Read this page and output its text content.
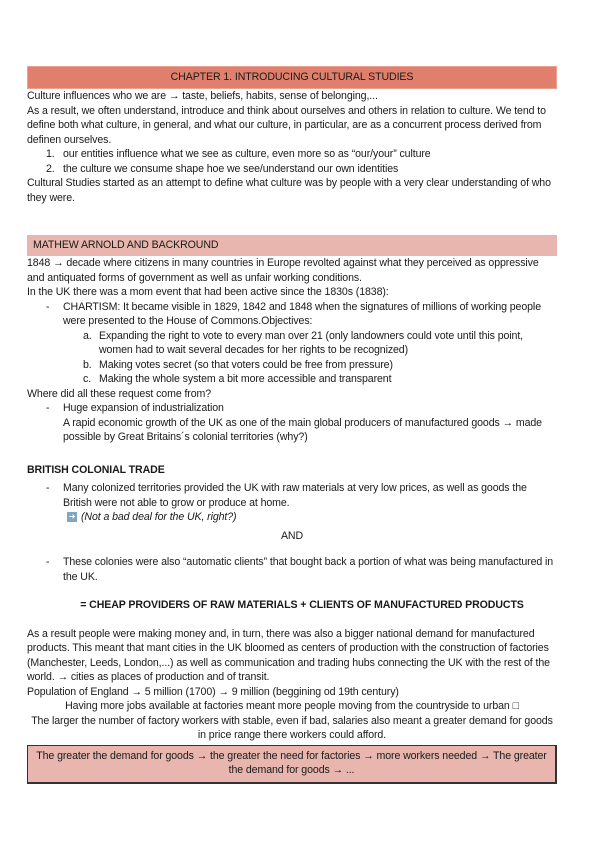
CHAPTER 1. INTRODUCING CULTURAL STUDIES

Culture influences who we are → taste, beliefs, habits, sense of belonging,...

As a result, we often understand, introduce and think about ourselves and others in relation to culture. We tend to define both what culture, in general, and what our culture, in particular, are as a concurrent process derived from definen ourselves.

1. our entities influence what we see as culture, even more so as “our/your” culture
2. the culture we consume shape hoe we see/understand our own identities

Cultural Studies started as an attempt to define what culture was by people with a very clear understanding of who they were.

MATHEW ARNOLD AND BACKROUND

1848 → decade where citizens in many countries in Europe revolted against what they perceived as oppressive and antiquated forms of government as well as unfair working conditions.

In the UK there was a mom event that had been active since the 1830s (1838):

- CHARTISM: It became visible in 1829, 1842 and 1848 when the signatures of millions of working people were presented to the House of Commons.Objectives:
a. Expanding the right to vote to every man over 21 (only landowners could vote until this point, women had to wait several decades for her rights to be recognized)
b. Making votes secret (so that voters could be free from pressure)
c. Making the whole system a bit more accessible and transparent

Where did all these request come from?

- Huge expansion of industrialization
A rapid economic growth of the UK as one of the main global producers of manufactured goods → made possible by Great Britains´s colonial territories (why?)
BRITISH COLONIAL TRADE
- Many colonized territories provided the UK with raw materials at very low prices, as well as goods the British were not able to grow or produce at home.
➔ (Not a bad deal for the UK, right?)
AND
- These colonies were also “automatic clients” that bought back a portion of what was being manufactured in the UK.
= CHEAP PROVIDERS OF RAW MATERIALS + CLIENTS OF MANUFACTURED PRODUCTS

As a result people were making money and, in turn, there was also a bigger national demand for manufactured products. This meant that mant cities in the UK bloomed as centers of production with the construction of factories (Manchester, Leeds, London,...) as well as communication and trading hubs connecting the UK with the rest of the world. → cities as places of production and of transit.

Population of England → 5 million (1700) → 9 million (beggining od 19th century)

Having more jobs available at factories meant more people moving from the countryside to urban □

The larger the number of factory workers with stable, even if bad, salaries also meant a greater demand for goods in price range there workers could afford.

The greater the demand for goods → the greater the need for factories → more workers needed → The greater the demand for goods → ...
